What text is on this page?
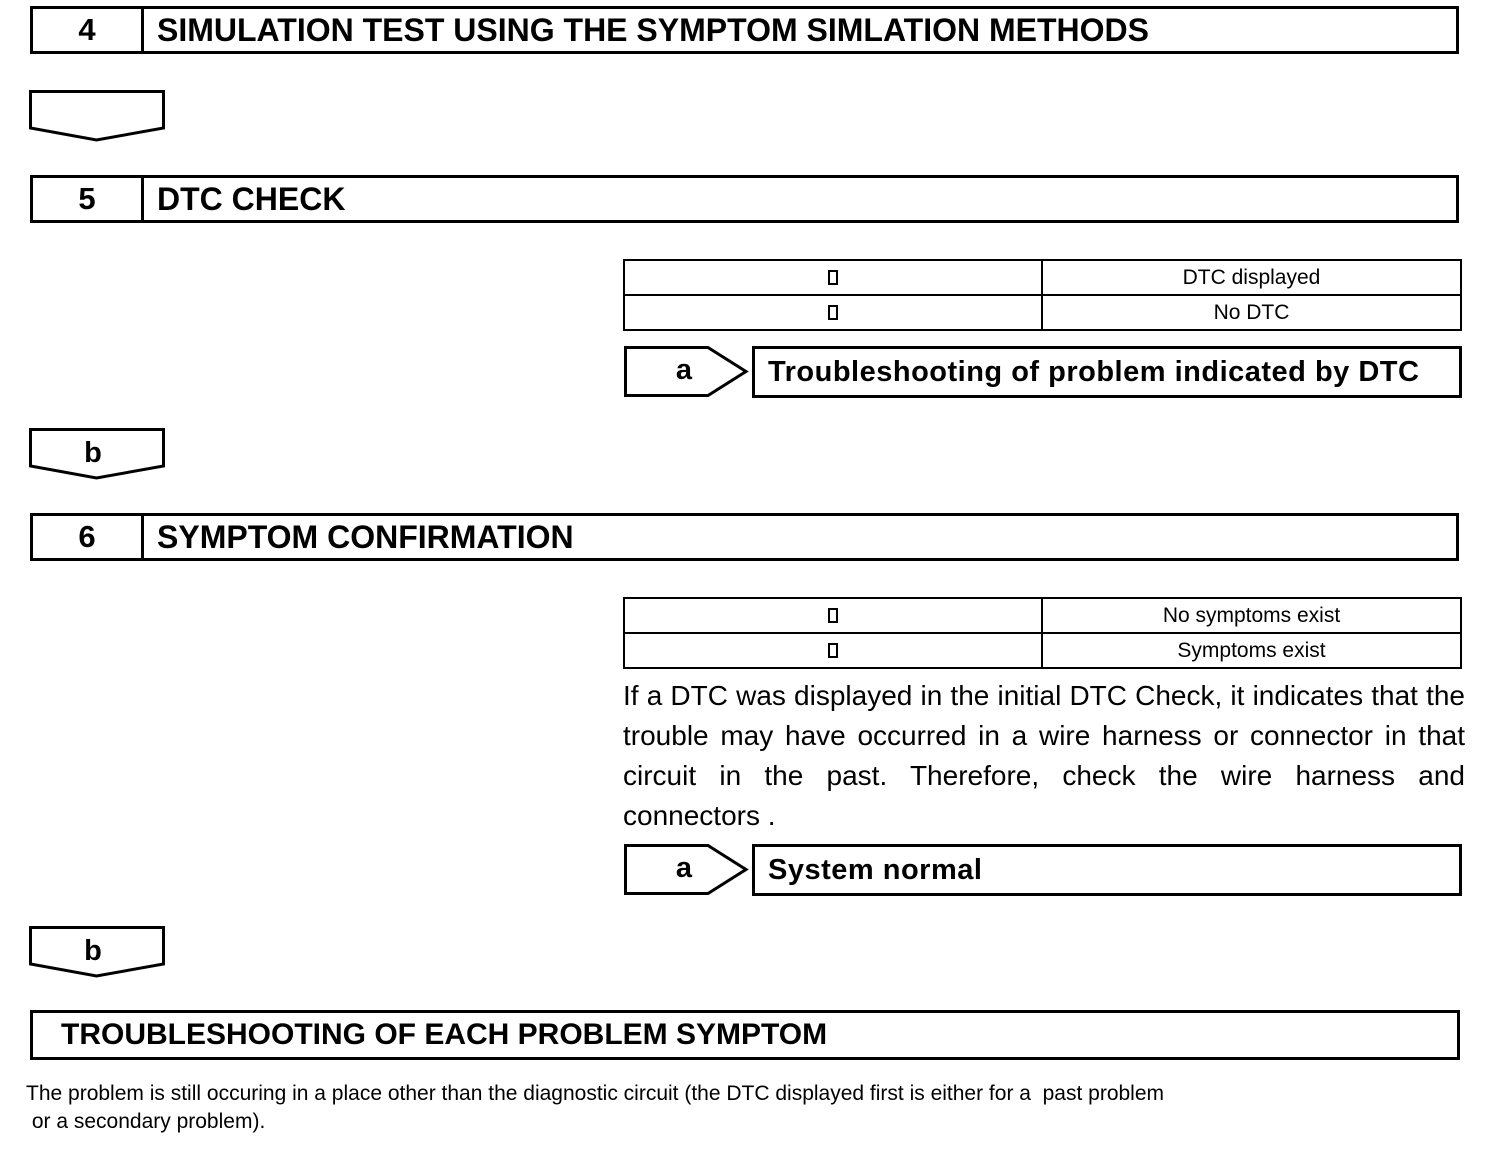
4	SIMULATION TEST USING THE SYMPTOM SIMLATION METHODS
5	DTC CHECK
	DTC displayed
	No DTC
a	Troubleshooting of problem indicated by DTC
b
6	SYMPTOM CONFIRMATION
	No symptoms exist
	Symptoms exist
If a DTC was displayed in the initial DTC Check, it indicates that the trouble may have occurred in a wire harness or connector in that circuit in the past. Therefore, check the wire harness and connectors .
a	System normal
b
TROUBLESHOOTING OF EACH PROBLEM SYMPTOM
The problem is still occuring in a place other than the diagnostic circuit (the DTC displayed first is either for a  past problem
or a secondary problem).
